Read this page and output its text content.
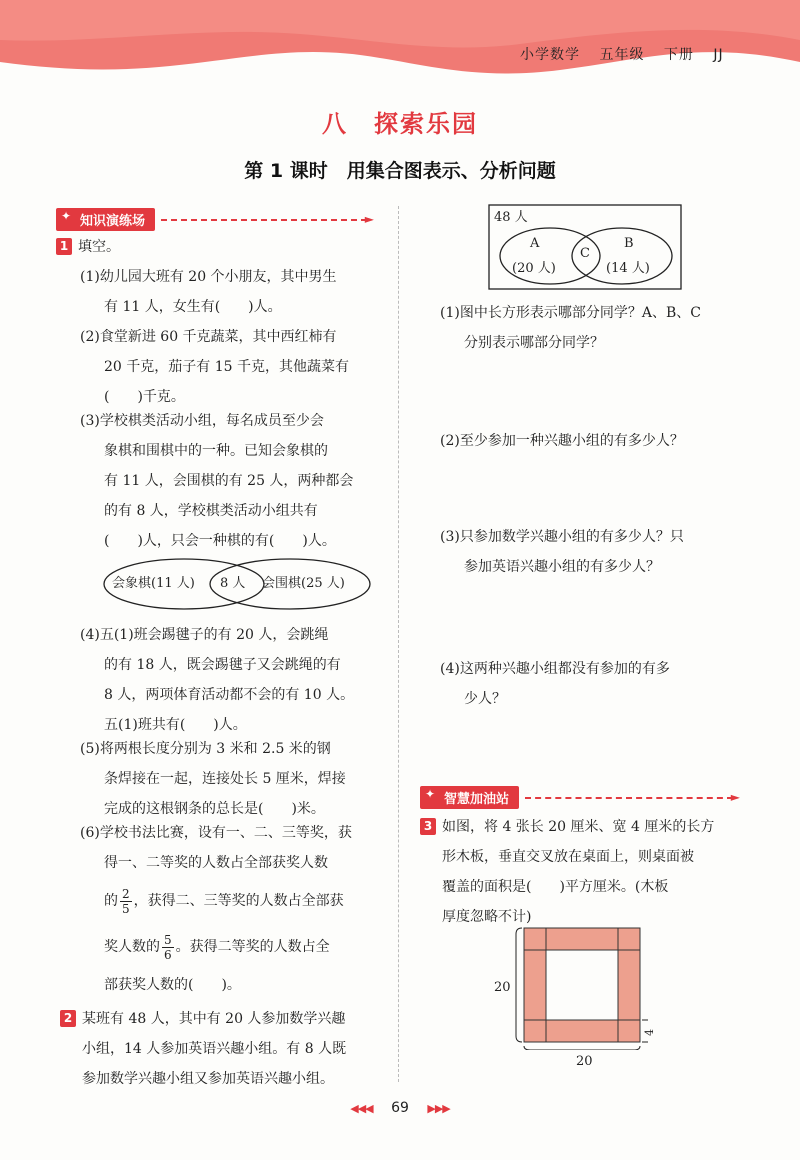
小学数学 五年级 下册 JJ
八　探索乐园
第 1 课时　用集合图表示、分析问题
✦ 知识演练场	►
1 填空。
(1)幼儿园大班有 20 个小朋友，其中男生
有 11 人，女生有(　　)人。
(2)食堂新进 60 千克蔬菜，其中西红柿有
20 千克，茄子有 15 千克，其他蔬菜有
(　　)千克。
(3)学校棋类活动小组，每名成员至少会
象棋和围棋中的一种。已知会象棋的
有 11 人，会围棋的有 25 人，两种都会
的有 8 人，学校棋类活动小组共有
(　　)人，只会一种棋的有(　　)人。
会象棋(11 人) 8 人 会围棋(25 人)
(4)五(1)班会踢毽子的有 20 人，会跳绳
的有 18 人，既会踢毽子又会跳绳的有
8 人，两项体育活动都不会的有 10 人。
五(1)班共有(　　)人。
(5)将两根长度分别为 3 米和 2.5 米的钢
条焊接在一起，连接处长 5 厘米，焊接
完成的这根钢条的总长是(　　)米。
(6)学校书法比赛，设有一、二、三等奖，获
得一、二等奖的人数占全部获奖人数
的 $\frac{2}{5}$ ，获得二、三等奖的人数占全部获
奖人数的 $\frac{5}{6}$ 。获得二等奖的人数占全
部获奖人数的(　　)。
2 某班有 48 人，其中有 20 人参加数学兴趣
小组，14 人参加英语兴趣小组。有 8 人既
参加数学兴趣小组又参加英语兴趣小组。
48 人
A
(20 人)
C
B
(14 人)
(1)图中长方形表示哪部分同学？A、B、C
分别表示哪部分同学？
(2)至少参加一种兴趣小组的有多少人？
(3)只参加数学兴趣小组的有多少人？只
参加英语兴趣小组的有多少人？
(4)这两种兴趣小组都没有参加的有多
少人？
✦ 智慧加油站	►
3 如图，将 4 张长 20 厘米、宽 4 厘米的长方
形木板，垂直交叉放在桌面上，则桌面被
覆盖的面积是(　　)平方厘米。(木板
厚度忽略不计)
20
20
4
◀◀◀ 69 ▶▶▶
